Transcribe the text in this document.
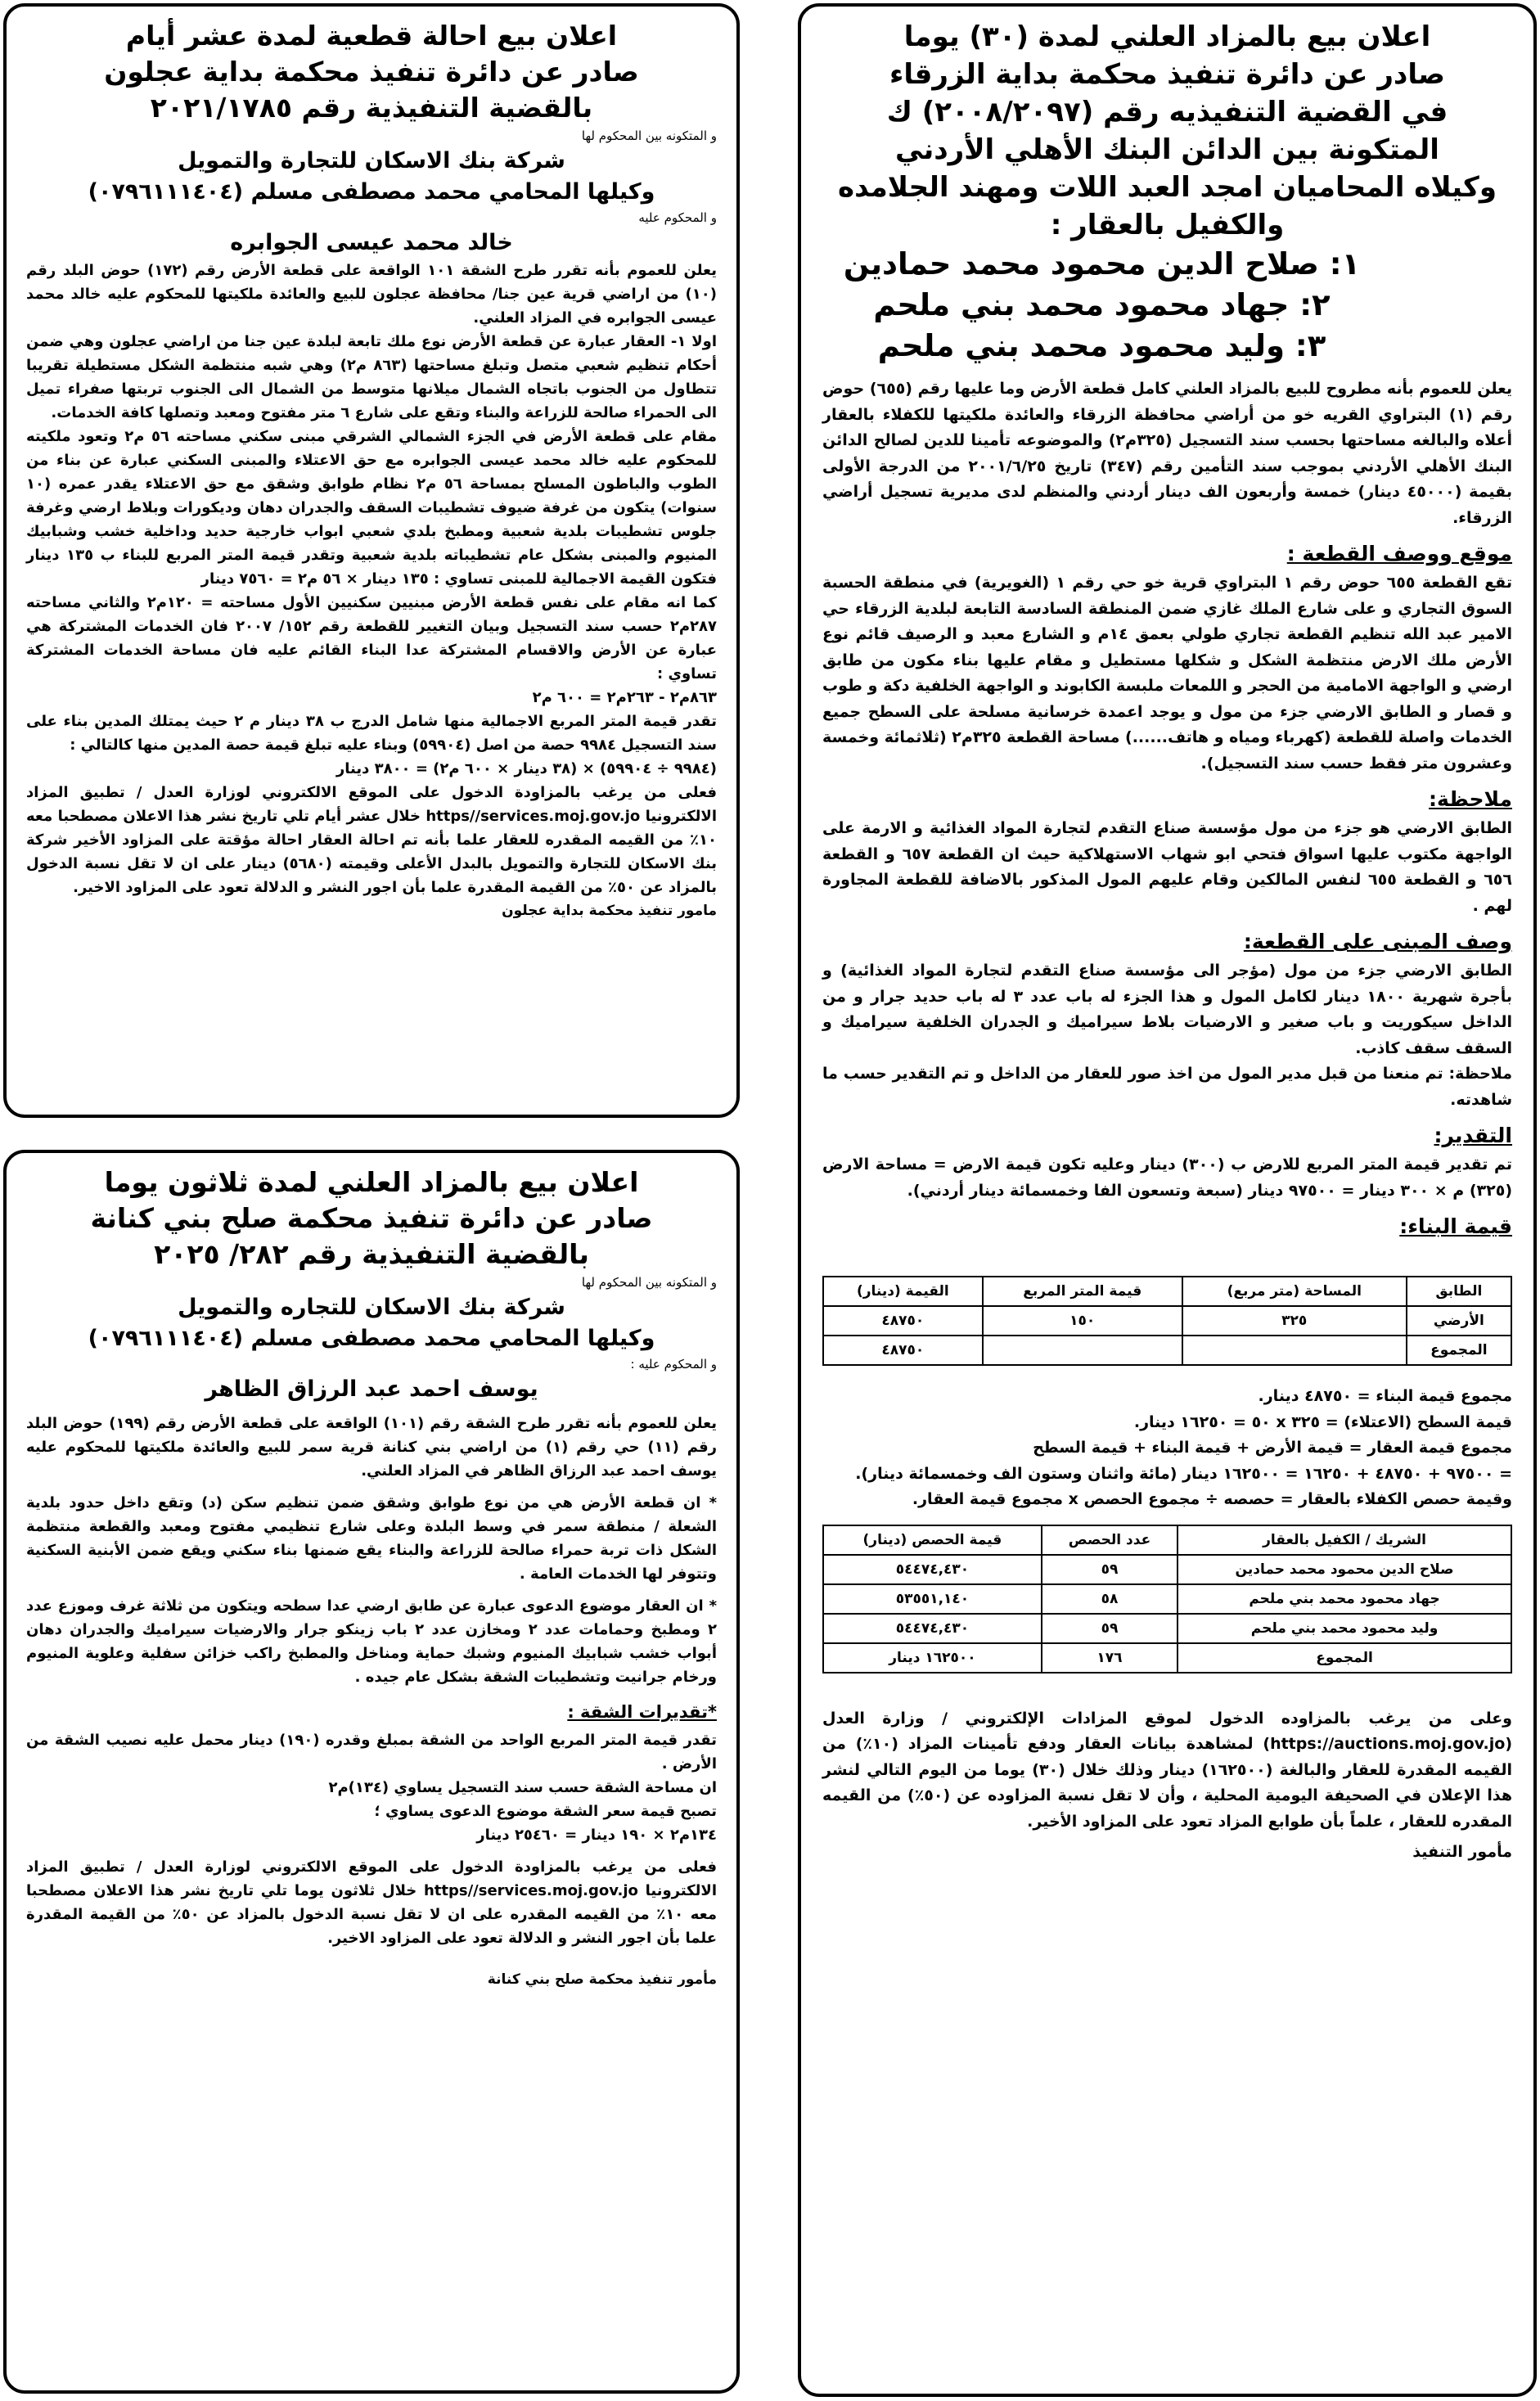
اعلان بيع بالمزاد العلني لمدة (٣٠) يوما
صادر عن دائرة تنفيذ محكمة بداية الزرقاء
في القضية التنفيذيه رقم (٢٠٠٨/٢٠٩٧) ك
المتكونة بين الدائن البنك الأهلي الأردني
وكيلاه المحاميان امجد العبد اللات ومهند الجلامده
والكفيل بالعقار :
١: صلاح الدين محمود محمد حمادين
٢: جهاد محمود محمد بني ملحم
٣: وليد محمود محمد بني ملحم

يعلن للعموم بأنه مطروح للبيع بالمزاد العلني كامل قطعة الأرض وما عليها رقم (٦٥٥) حوض رقم (١) البتراوي القريه خو من أراضي محافظة الزرقاء والعائدة ملكيتها للكفلاء بالعقار أعلاه والبالغه مساحتها بحسب سند التسجيل (٣٢٥م٢) والموضوعه تأمينا للدين لصالح الدائن البنك الأهلي الأردني بموجب سند التأمين رقم (٣٤٧) تاريخ ٢٠٠١/٦/٢٥ من الدرجة الأولى بقيمة (٤٥٠٠٠ دينار) خمسة وأربعون الف دينار أردني والمنظم لدى مديرية تسجيل أراضي الزرقاء.

موقع ووصف القطعة :

تقع القطعة ٦٥٥ حوض رقم ١ البتراوي قرية خو حي رقم ١ (الغويرية) في منطقة الحسبة السوق التجاري و على شارع الملك غازي ضمن المنطقة السادسة التابعة لبلدية الزرقاء حي الامير عبد الله تنظيم القطعة تجاري طولي بعمق ١٤م و الشارع معبد و الرصيف قائم نوع الأرض ملك الارض منتظمة الشكل و شكلها مستطيل و مقام عليها بناء مكون من طابق ارضي و الواجهة الامامية من الحجر و اللمعات ملبسة الكابوند و الواجهة الخلفية دكة و طوب و قصار و الطابق الارضي جزء من مول و يوجد اعمدة خرسانية مسلحة على السطح جميع الخدمات واصلة للقطعة (كهرباء ومياه و هاتف......) مساحة القطعة ٣٢٥م٢ (ثلاثمائة وخمسة وعشرون متر فقط حسب سند التسجيل).

ملاحظة:

الطابق الارضي هو جزء من مول مؤسسة صناع التقدم لتجارة المواد الغذائية و الارمة على الواجهة مكتوب عليها اسواق فتحي ابو شهاب الاستهلاكية حيث ان القطعة ٦٥٧ و القطعة ٦٥٦ و القطعة ٦٥٥ لنفس المالكين وقام عليهم المول المذكور بالاضافة للقطعة المجاورة لهم .

وصف المبنى على القطعة:

الطابق الارضي جزء من مول (مؤجر الى مؤسسة صناع التقدم لتجارة المواد الغذائية) و بأجرة شهرية ١٨٠٠ دينار لكامل المول و هذا الجزء له باب عدد ٣ له باب حديد جرار و من الداخل سيكوريت و باب صغير و الارضيات بلاط سيراميك و الجدران الخلفية سيراميك و السقف سقف كاذب.

ملاحظة: تم منعنا من قبل مدير المول من اخذ صور للعقار من الداخل و تم التقدير حسب ما شاهدته.

التقدير:

تم تقدير قيمة المتر المربع للارض ب (٣٠٠) دينار وعليه تكون قيمة الارض = مساحة الارض (٣٢٥) م × ٣٠٠ دينار = ٩٧٥٠٠ دينار (سبعة وتسعون الفا وخمسمائة دينار أردني).

قيمة البناء:
الطابق	المساحة (متر مربع)	قيمة المتر المربع	القيمة (دينار)
الأرضي	٣٢٥	١٥٠	٤٨٧٥٠
المجموع			٤٨٧٥٠

مجموع قيمة البناء = ٤٨٧٥٠ دينار.

قيمة السطح (الاعتلاء) = ٣٢٥ x ٥٠ = ١٦٢٥٠ دينار.

مجموع قيمة العقار = قيمة الأرض + قيمة البناء + قيمة السطح

= ٩٧٥٠٠ + ٤٨٧٥٠ + ١٦٢٥٠ = ١٦٢٥٠٠ دينار (مائة واثنان وستون الف وخمسمائة دينار).

وقيمة حصص الكفلاء بالعقار = حصصه ÷ مجموع الحصص x مجموع قيمة العقار.

الشريك / الكفيل بالعقار	عدد الحصص	قيمة الحصص (دينار)
صلاح الدين محمود محمد حمادين	٥٩	٥٤٤٧٤,٤٣٠
جهاد محمود محمد بني ملحم	٥٨	٥٣٥٥١,١٤٠
وليد محمود محمد بني ملحم	٥٩	٥٤٤٧٤,٤٣٠
المجموع	١٧٦	١٦٢٥٠٠ دينار

وعلى من يرغب بالمزاوده الدخول لموقع المزادات الإلكتروني / وزارة العدل (https://auctions.moj.gov.jo) لمشاهدة بيانات العقار ودفع تأمينات المزاد (١٠٪) من القيمه المقدرة للعقار والبالغة (١٦٢٥٠٠) دينار وذلك خلال (٣٠) يوما من اليوم التالي لنشر هذا الإعلان في الصحيفة اليومية المحلية ، وأن لا تقل نسبة المزاوده عن (٥٠٪) من القيمه المقدره للعقار ، علماً بأن طوابع المزاد تعود على المزاود الأخير.

مأمور التنفيذ
اعلان بيع احالة قطعية لمدة عشر أيام
صادر عن دائرة تنفيذ محكمة بداية عجلون
بالقضية التنفيذية رقم ٢٠٢١/١٧٨٥
و المتكونه بين المحكوم لها
شركة بنك الاسكان للتجارة والتمويل
وكيلها المحامي محمد مصطفى مسلم (٠٧٩٦١١١٤٠٤)
و المحكوم عليه
خالد محمد عيسى الجوابره

يعلن للعموم بأنه تقرر طرح الشقة ١٠١ الواقعة على قطعة الأرض رقم (١٧٢) حوض البلد رقم (١٠) من اراضي قرية عين جنا/ محافظة عجلون للبيع والعائدة ملكيتها للمحكوم عليه خالد محمد عيسى الجوابره في المزاد العلني.

اولا ١- العقار عبارة عن قطعة الأرض نوع ملك تابعة لبلدة عين جنا من اراضي عجلون وهي ضمن أحكام تنظيم شعبي متصل وتبلغ مساحتها (٨٦٣ م٢) وهي شبه منتظمة الشكل مستطيلة تقريبا تتطاول من الجنوب باتجاه الشمال ميلانها متوسط من الشمال الى الجنوب تربتها صفراء تميل الى الحمراء صالحة للزراعة والبناء وتقع على شارع ٦ متر مفتوح ومعبد وتصلها كافة الخدمات.

مقام على قطعة الأرض في الجزء الشمالي الشرقي مبنى سكني مساحته ٥٦ م٢ وتعود ملكيته للمحكوم عليه خالد محمد عيسى الجوابره مع حق الاعتلاء والمبنى السكني عبارة عن بناء من الطوب والباطون المسلح بمساحة ٥٦ م٢ نظام طوابق وشقق مع حق الاعتلاء يقدر عمره (١٠ سنوات) يتكون من غرفة ضيوف تشطيبات السقف والجدران دهان وديكورات وبلاط ارضي وغرفة جلوس تشطيبات بلدية شعبية ومطبخ بلدي شعبي ابواب خارجية حديد وداخلية خشب وشبابيك المنيوم والمبنى بشكل عام تشطيباته بلدية شعبية وتقدر قيمة المتر المربع للبناء ب ١٣٥ دينار فتكون القيمة الاجمالية للمبنى تساوي : ١٣٥ دينار × ٥٦ م٢ = ٧٥٦٠ دينار

كما انه مقام على نفس قطعة الأرض مبنيين سكنيين الأول مساحته = ١٢٠م٢ والثاني مساحته ٢٨٧م٢ حسب سند التسجيل وبيان التغيير للقطعة رقم ١٥٢/ ٢٠٠٧ فان الخدمات المشتركة هي عبارة عن الأرض والاقسام المشتركة عدا البناء القائم عليه فان مساحة الخدمات المشتركة تساوي :

٨٦٣م٢ - ٢٦٣م٢ = ٦٠٠ م٢

تقدر قيمة المتر المربع الاجمالية منها شامل الدرج ب ٣٨ دينار م ٢ حيث يمتلك المدين بناء على سند التسجيل ٩٩٨٤ حصة من اصل (٥٩٩٠٤) وبناء عليه تبلغ قيمة حصة المدين منها كالتالي :

(٩٩٨٤ ÷ ٥٩٩٠٤) × (٣٨ دينار × ٦٠٠ م٢) = ٣٨٠٠ دينار

فعلى من يرغب بالمزاودة الدخول على الموقع الالكتروني لوزارة العدل / تطبيق المزاد الالكترونيا https//services.moj.gov.jo خلال عشر أيام تلي تاريخ نشر هذا الاعلان مصطحبا معه ١٠٪ من القيمه المقدره للعقار علما بأنه تم احالة العقار احالة مؤقتة على المزاود الأخير شركة بنك الاسكان للتجارة والتمويل بالبدل الأعلى وقيمته (٥٦٨٠) دينار على ان لا تقل نسبة الدخول بالمزاد عن ٥٠٪ من القيمة المقدرة علما بأن اجور النشر و الدلالة تعود على المزاود الاخير.

مامور تنفيذ محكمة بداية عجلون
اعلان بيع بالمزاد العلني لمدة ثلاثون يوما
صادر عن دائرة تنفيذ محكمة صلح بني كنانة
بالقضية التنفيذية رقم ٢٨٢/ ٢٠٢٥
و المتكونه بين المحكوم لها
شركة بنك الاسكان للتجاره والتمويل
وكيلها المحامي محمد مصطفى مسلم (٠٧٩٦١١١٤٠٤)
و المحكوم عليه :
يوسف احمد عبد الرزاق الظاهر

يعلن للعموم بأنه تقرر طرح الشقة رقم (١٠١) الواقعة على قطعة الأرض رقم (١٩٩) حوض البلد رقم (١١) حي رقم (١) من اراضي بني كنانة قرية سمر للبيع والعائدة ملكيتها للمحكوم عليه يوسف احمد عبد الرزاق الظاهر في المزاد العلني.

* ان قطعة الأرض هي من نوع طوابق وشقق ضمن تنظيم سكن (د) وتقع داخل حدود بلدية الشعلة / منطقة سمر في وسط البلدة وعلى شارع تنظيمي مفتوح ومعبد والقطعة منتظمة الشكل ذات تربة حمراء صالحة للزراعة والبناء يقع ضمنها بناء سكني ويقع ضمن الأبنية السكنية وتتوفر لها الخدمات العامة .

* ان العقار موضوع الدعوى عبارة عن طابق ارضي عدا سطحه ويتكون من ثلاثة غرف وموزع عدد ٢ ومطبخ وحمامات عدد ٢ ومخازن عدد ٢ باب زينكو جرار والارضيات سيراميك والجدران دهان أبواب خشب شبابيك المنيوم وشبك حماية ومناخل والمطبخ راكب خزائن سفلية وعلوية المنيوم ورخام جرانيت وتشطيبات الشقة بشكل عام جيده .

*تقديرات الشقة :

تقدر قيمة المتر المربع الواحد من الشقة بمبلغ وقدره (١٩٠) دينار محمل عليه نصيب الشقة من الأرض .

ان مساحة الشقة حسب سند التسجيل يساوي (١٣٤)م٢

تصبح قيمة سعر الشقة موضوع الدعوى يساوي ؛

١٣٤م٢ × ١٩٠ دينار = ٢٥٤٦٠ دينار

فعلى من يرغب بالمزاودة الدخول على الموقع الالكتروني لوزارة العدل / تطبيق المزاد الالكترونيا https//services.moj.gov.jo خلال ثلاثون يوما تلي تاريخ نشر هذا الاعلان مصطحبا معه ١٠٪ من القيمه المقدره على ان لا تقل نسبة الدخول بالمزاد عن ٥٠٪ من القيمة المقدرة علما بأن اجور النشر و الدلالة تعود على المزاود الاخير.

مأمور تنفيذ محكمة صلح بني كنانة
